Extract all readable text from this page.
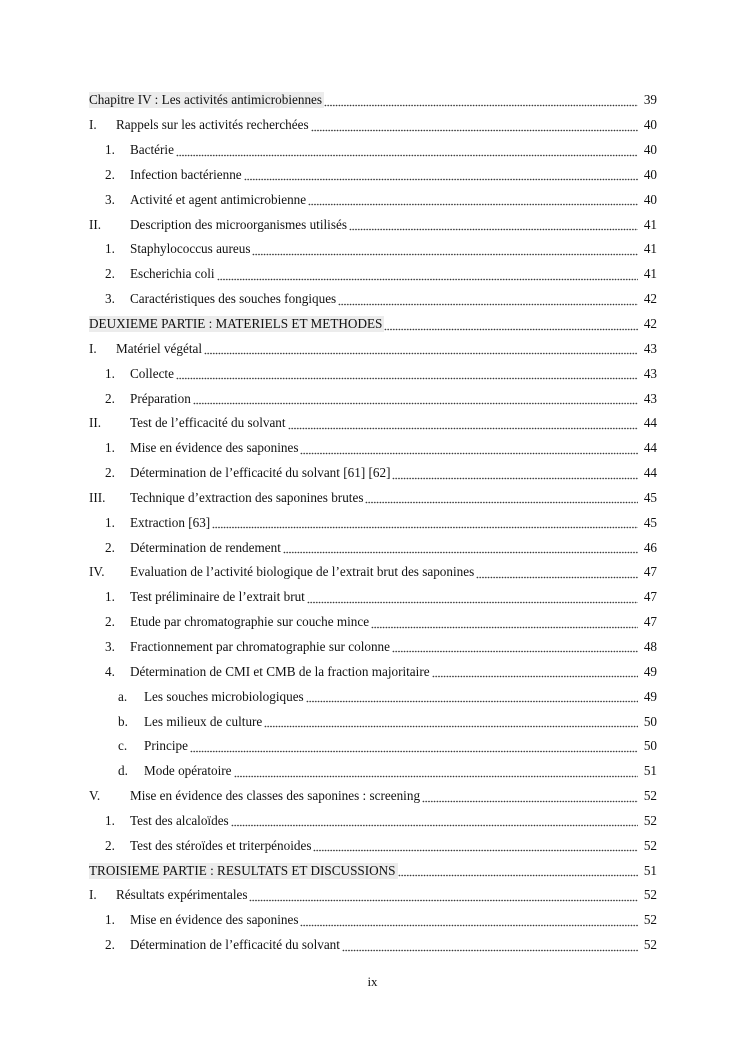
Chapitre IV : Les activités antimicrobiennes	39
I.	Rappels sur les activités recherchées	40
1.	Bactérie	40
2.	Infection bactérienne	40
3.	Activité et agent antimicrobienne	40
II.	Description des microorganismes utilisés	41
1.	Staphylococcus aureus	41
2.	Escherichia coli	41
3.	Caractéristiques des souches fongiques	42
DEUXIEME PARTIE : MATERIELS ET METHODES	42
I.	Matériel végétal	43
1.	Collecte	43
2.	Préparation	43
II.	Test de l’efficacité du solvant	44
1.	Mise en évidence des saponines	44
2.	Détermination de l’efficacité du solvant [61] [62]	44
III.	Technique d’extraction des saponines brutes	45
1.	Extraction [63]	45
2.	Détermination de rendement	46
IV.	Evaluation de l’activité biologique de l’extrait brut des saponines	47
1.	Test préliminaire de l’extrait brut	47
2.	Etude par chromatographie sur couche mince	47
3.	Fractionnement par chromatographie sur colonne	48
4.	Détermination de CMI et CMB de la fraction majoritaire	49
a.	Les souches microbiologiques	49
b.	Les milieux de culture	50
c.	Principe	50
d.	Mode opératoire	51
V.	Mise en évidence des classes des saponines : screening	52
1.	Test des alcaloïdes	52
2.	Test des stéroïdes et triterpénoides	52
TROISIEME PARTIE : RESULTATS ET DISCUSSIONS	51
I.	Résultats expérimentales	52
1.	Mise en évidence des saponines	52
2.	Détermination de l’efficacité du solvant	52
ix
